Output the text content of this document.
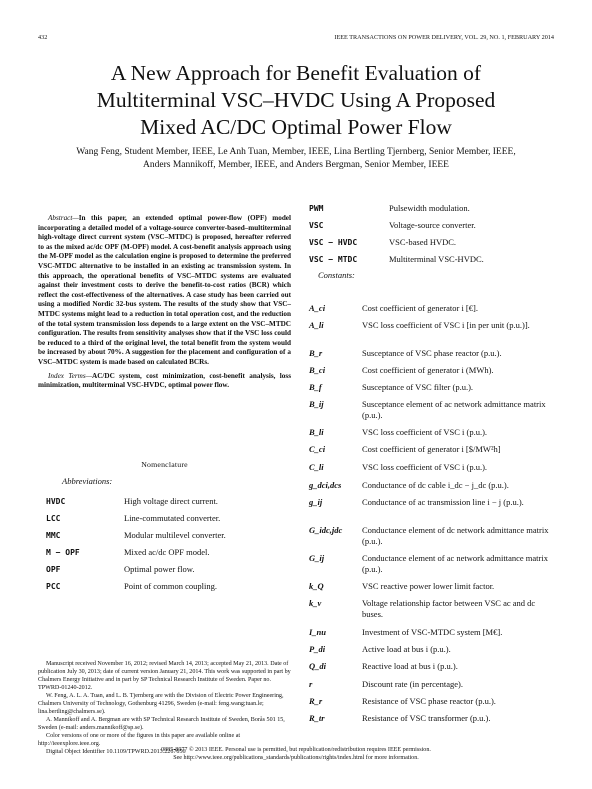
432	IEEE TRANSACTIONS ON POWER DELIVERY, VOL. 29, NO. 1, FEBRUARY 2014
A New Approach for Benefit Evaluation of
Multiterminal VSC–HVDC Using A Proposed
Mixed AC/DC Optimal Power Flow
Wang Feng, Student Member, IEEE, Le Anh Tuan, Member, IEEE, Lina Bertling Tjernberg, Senior Member, IEEE,
Anders Mannikoff, Member, IEEE, and Anders Bergman, Senior Member, IEEE

Abstract—In this paper, an extended optimal power-flow (OPF) model incorporating a detailed model of a voltage-source converter-based–multiterminal high-voltage direct current system (VSC–MTDC) is proposed, hereafter referred to as the mixed ac/dc OPF (M-OPF) model. A cost-benefit analysis approach using the M-OPF model as the calculation engine is proposed to determine the preferred VSC-MTDC alternative to be installed in an existing ac transmission system. In this approach, the operational benefits of VSC–MTDC systems are evaluated against their investment costs to derive the benefit-to-cost ratios (BCR) which reflect the cost-effectiveness of the alternatives. A case study has been carried out using a modified Nordic 32-bus system. The results of the study show that VSC–MTDC systems might lead to a reduction in total operation cost, and the reduction of the total system transmission loss depends to a large extent on the VSC–MTDC configuration. The results from sensitivity analyses show that if the VSC loss could be reduced to a third of the original level, the total benefit from the system would be increased by about 70%. A suggestion for the placement and configuration of a VSC–MTDC system is made based on calculated BCRs.

Index Terms—AC/DC system, cost minimization, cost-benefit analysis, loss minimization, multiterminal VSC-HVDC, optimal power flow.

Nomenclature
Abbreviations:
HVDC	High voltage direct current.
LCC	Line-commutated converter.
MMC	Modular multilevel converter.
M − OPF	Mixed ac/dc OPF model.
OPF	Optimal power flow.
PCC	Point of common coupling.
PWM	Pulsewidth modulation.
VSC	Voltage-source converter.
VSC − HVDC	VSC-based HVDC.
VSC − MTDC	Multiterminal VSC-HVDC.
Constants:
A_ci	Cost coefficient of generator i [€].
A_li	VSC loss coefficient of VSC i [in per unit (p.u.)].
B_r	Susceptance of VSC phase reactor (p.u.).
B_ci	Cost coefficient of generator i (MWh).
B_f	Susceptance of VSC filter (p.u.).
B_ij	Susceptance element of ac network admittance matrix (p.u.).
B_li	VSC loss coefficient of VSC i (p.u.).
C_ci	Cost coefficient of generator i [$/MW²h]
C_li	VSC loss coefficient of VSC i (p.u.).
g_dci,dcs Conductance of dc cable i_dc − j_dc (p.u.).
g_ij	Conductance of ac transmission line i − j (p.u.).
G_idc,jdc Conductance element of dc network admittance matrix (p.u.).
G_ij	Conductance element of ac network admittance matrix (p.u.).
k_Q	VSC reactive power lower limit factor.
k_v	Voltage relationship factor between VSC ac and dc buses.
I_nu	Investment of VSC-MTDC system [M€].
P_di	Active load at bus i (p.u.).
Q_di	Reactive load at bus i (p.u.).
r	Discount rate (in percentage).
R_r	Resistance of VSC phase reactor (p.u.).
R_tr	Resistance of VSC transformer (p.u.).

Manuscript received November 16, 2012; revised March 14, 2013; accepted May 21, 2013. Date of publication July 30, 2013; date of current version January 21, 2014. This work was supported in part by Chalmers Energy Initiative and in part by SP Technical Research Institute of Sweden. Paper no. TPWRD-01240-2012.

W. Feng, A. L. A. Tuan, and L. B. Tjernberg are with the Division of Electric Power Engineering, Chalmers University of Technology, Gothenburg 41296, Sweden (e-mail: feng.wang;tuan.le; lina.bertling@chalmers.se).

A. Mannikoff and A. Bergman are with SP Technical Research Institute of Sweden, Borås 501 15, Sweden (e-mail: anders.mannikoff@sp.se).

Color versions of one or more of the figures in this paper are available online at http://ieeexplore.ieee.org.

Digital Object Identifier 10.1109/TPWRD.2013.2267056

0885-8977 © 2013 IEEE. Personal use is permitted, but republication/redistribution requires IEEE permission.
See http://www.ieee.org/publications_standards/publications/rights/index.html for more information.
